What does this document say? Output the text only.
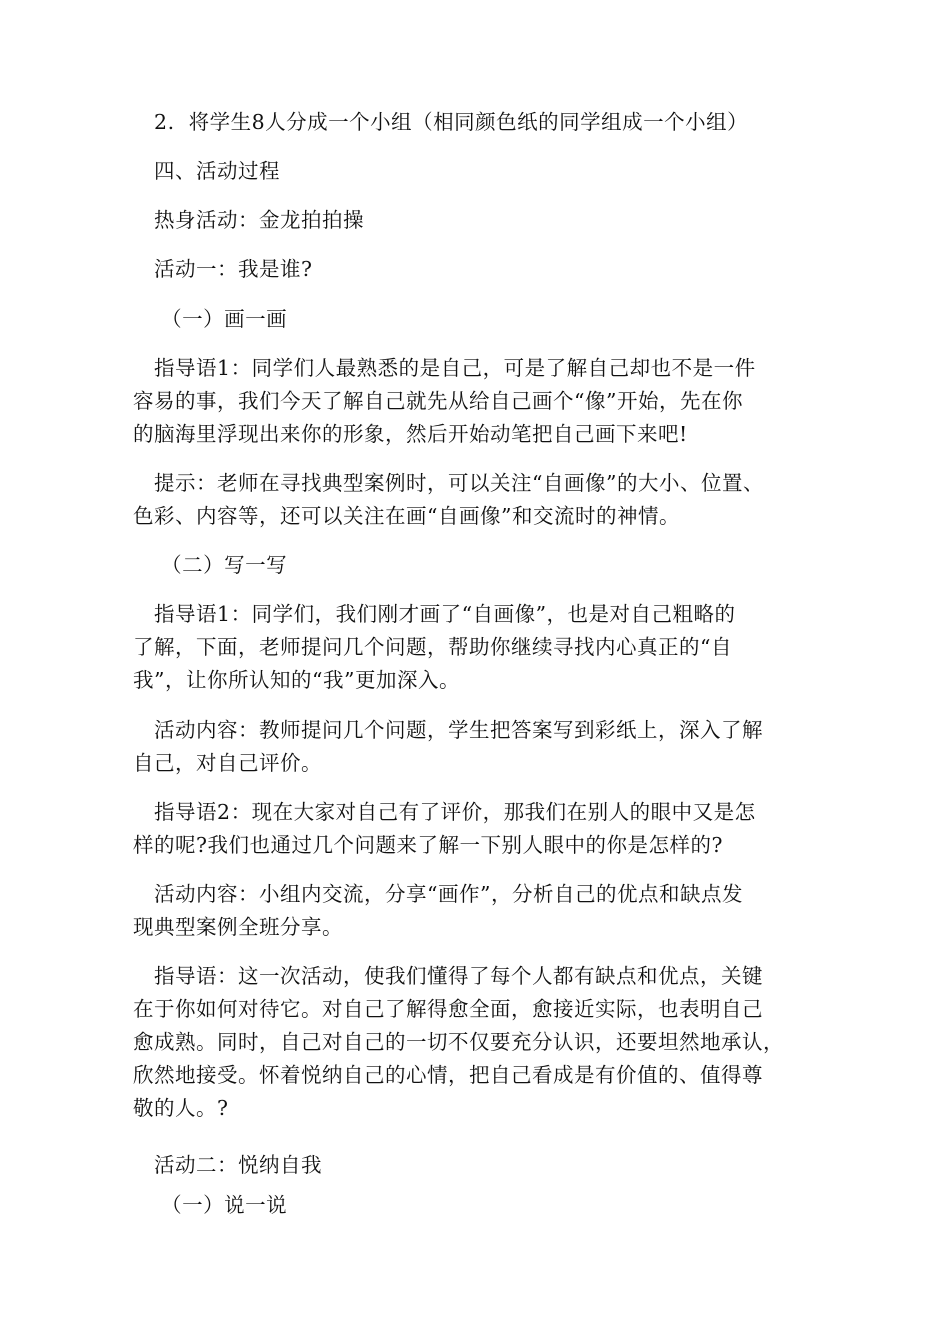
2.  将学生8人分成一个小组（相同颜色纸的同学组成一个小组）
四、活动过程
热身活动：金龙拍拍操
活动一：我是谁?
（一）画一画
指导语1：同学们人最熟悉的是自己，可是了解自己却也不是一件
容易的事，我们今天了解自己就先从给自己画个“像”开始，先在你
的脑海里浮现出来你的形象，然后开始动笔把自己画下来吧!
提示：老师在寻找典型案例时，可以关注“自画像”的大小、位置、
色彩、内容等，还可以关注在画“自画像”和交流时的神情。
（二）写一写
指导语1：同学们，我们刚才画了“自画像”，也是对自己粗略的
了解，下面，老师提问几个问题，帮助你继续寻找内心真正的“自
我”，让你所认知的“我”更加深入。
活动内容：教师提问几个问题，学生把答案写到彩纸上，深入了解
自己，对自己评价。
指导语2：现在大家对自己有了评价，那我们在别人的眼中又是怎
样的呢?我们也通过几个问题来了解一下别人眼中的你是怎样的?
活动内容：小组内交流，分享“画作”，分析自己的优点和缺点发
现典型案例全班分享。
指导语：这一次活动，使我们懂得了每个人都有缺点和优点，关键
在于你如何对待它。对自己了解得愈全面，愈接近实际，也表明自己
愈成熟。同时，自己对自己的一切不仅要充分认识，还要坦然地承认，
欣然地接受。怀着悦纳自己的心情，把自己看成是有价值的、值得尊
敬的人。?
活动二：悦纳自我
（一）说一说
